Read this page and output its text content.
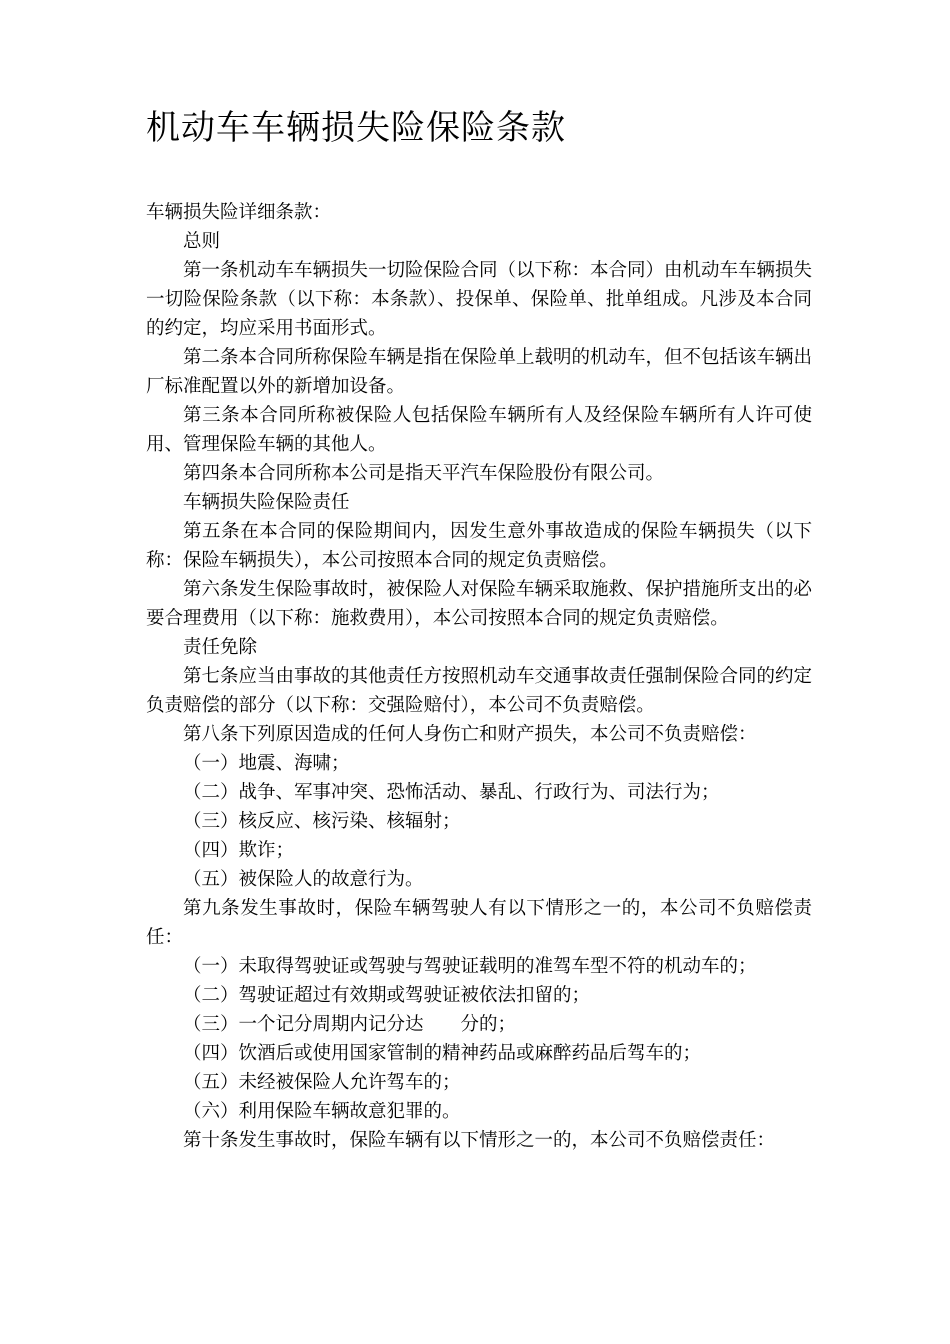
机动车车辆损失险保险条款

车辆损失险详细条款：

总则

第一条机动车车辆损失一切险保险合同（以下称：本合同）由机动车车辆损失一切险保险条款（以下称：本条款）、投保单、保险单、批单组成。凡涉及本合同的约定，均应采用书面形式。

第二条本合同所称保险车辆是指在保险单上载明的机动车，但不包括该车辆出厂标准配置以外的新增加设备。

第三条本合同所称被保险人包括保险车辆所有人及经保险车辆所有人许可使用、管理保险车辆的其他人。

第四条本合同所称本公司是指天平汽车保险股份有限公司。

车辆损失险保险责任

第五条在本合同的保险期间内，因发生意外事故造成的保险车辆损失（以下称：保险车辆损失），本公司按照本合同的规定负责赔偿。

第六条发生保险事故时，被保险人对保险车辆采取施救、保护措施所支出的必要合理费用（以下称：施救费用），本公司按照本合同的规定负责赔偿。

责任免除

第七条应当由事故的其他责任方按照机动车交通事故责任强制保险合同的约定负责赔偿的部分（以下称：交强险赔付），本公司不负责赔偿。

第八条下列原因造成的任何人身伤亡和财产损失，本公司不负责赔偿：

（一）地震、海啸；

（二）战争、军事冲突、恐怖活动、暴乱、行政行为、司法行为；

（三）核反应、核污染、核辐射；

（四）欺诈；

（五）被保险人的故意行为。

第九条发生事故时，保险车辆驾驶人有以下情形之一的，本公司不负赔偿责任：

（一）未取得驾驶证或驾驶与驾驶证载明的准驾车型不符的机动车的；

（二）驾驶证超过有效期或驾驶证被依法扣留的；

（三）一个记分周期内记分达　　分的；

（四）饮酒后或使用国家管制的精神药品或麻醉药品后驾车的；

（五）未经被保险人允许驾车的；

（六）利用保险车辆故意犯罪的。

第十条发生事故时，保险车辆有以下情形之一的，本公司不负赔偿责任：
